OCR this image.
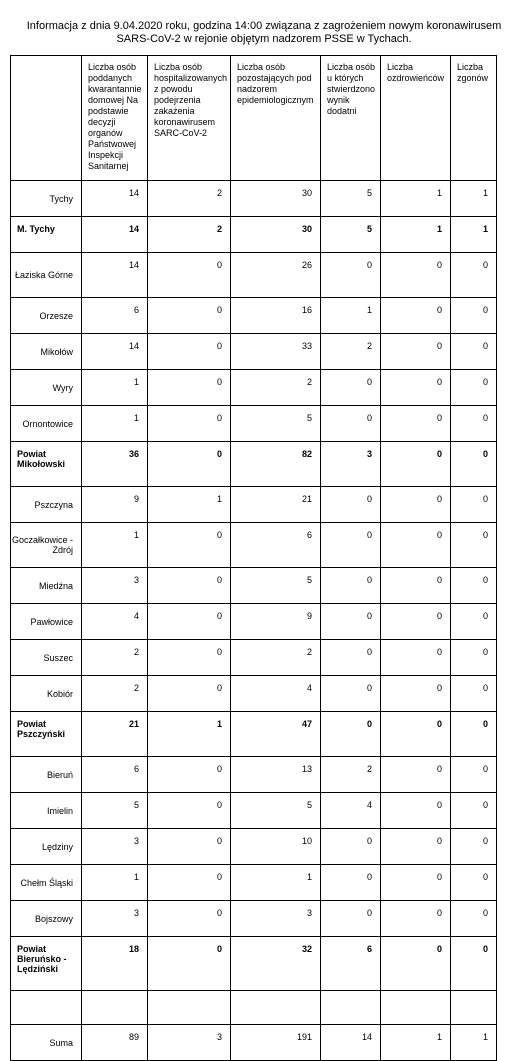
Informacja z dnia 9.04.2020 roku, godzina 14:00 związana z zagrożeniem nowym koronawirusem
SARS-CoV-2 w rejonie objętym nadzorem PSSE w Tychach.
	Liczba osób poddanych kwarantannie domowej Na podstawie decyzji organów Państwowej Inspekcji Sanitarnej	Liczba osób hospitalizowanych z powodu podejrzenia zakażenia koronawirusem SARC-CoV-2	Liczba osób pozostających pod nadzorem epidemiologicznym	Liczba osób u których stwierdzono wynik dodatni	Liczba ozdrowieńców	Liczba zgonów
Tychy	14	2	30	5	1	1
M. Tychy	14	2	30	5	1	1
Łaziska Górne	14	0	26	0	0	0
Orzesze	6	0	16	1	0	0
Mikołów	14	0	33	2	0	0
Wyry	1	0	2	0	0	0
Ornontowice	1	0	5	0	0	0
Powiat Mikołowski	36	0	82	3	0	0
Pszczyna	9	1	21	0	0	0
Goczałkowice - Zdrój	1	0	6	0	0	0
Miedźna	3	0	5	0	0	0
Pawłowice	4	0	9	0	0	0
Suszec	2	0	2	0	0	0
Kobiór	2	0	4	0	0	0
Powiat Pszczyński	21	1	47	0	0	0
Bieruń	6	0	13	2	0	0
Imielin	5	0	5	4	0	0
Lędziny	3	0	10	0	0	0
Chełm Śląski	1	0	1	0	0	0
Bojszowy	3	0	3	0	0	0
Powiat Bieruńsko - Lędziński	18	0	32	6	0	0

Suma	89	3	191	14	1	1
